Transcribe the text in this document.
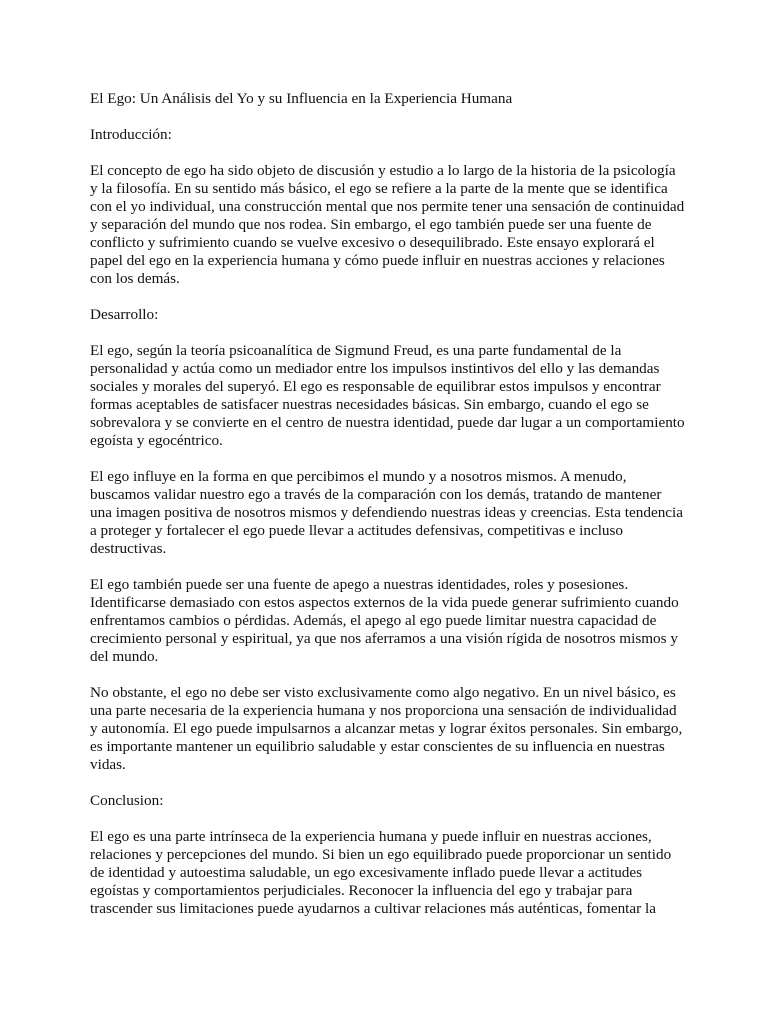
El Ego: Un Análisis del Yo y su Influencia en la Experiencia Humana

Introducción:

El concepto de ego ha sido objeto de discusión y estudio a lo largo de la historia de la psicología y la filosofía. En su sentido más básico, el ego se refiere a la parte de la mente que se identifica con el yo individual, una construcción mental que nos permite tener una sensación de continuidad y separación del mundo que nos rodea. Sin embargo, el ego también puede ser una fuente de conflicto y sufrimiento cuando se vuelve excesivo o desequilibrado. Este ensayo explorará el papel del ego en la experiencia humana y cómo puede influir en nuestras acciones y relaciones con los demás.

Desarrollo:

El ego, según la teoría psicoanalítica de Sigmund Freud, es una parte fundamental de la personalidad y actúa como un mediador entre los impulsos instintivos del ello y las demandas sociales y morales del superyó. El ego es responsable de equilibrar estos impulsos y encontrar formas aceptables de satisfacer nuestras necesidades básicas. Sin embargo, cuando el ego se sobrevalora y se convierte en el centro de nuestra identidad, puede dar lugar a un comportamiento egoísta y egocéntrico.

El ego influye en la forma en que percibimos el mundo y a nosotros mismos. A menudo, buscamos validar nuestro ego a través de la comparación con los demás, tratando de mantener una imagen positiva de nosotros mismos y defendiendo nuestras ideas y creencias. Esta tendencia a proteger y fortalecer el ego puede llevar a actitudes defensivas, competitivas e incluso destructivas.

El ego también puede ser una fuente de apego a nuestras identidades, roles y posesiones. Identificarse demasiado con estos aspectos externos de la vida puede generar sufrimiento cuando enfrentamos cambios o pérdidas. Además, el apego al ego puede limitar nuestra capacidad de crecimiento personal y espiritual, ya que nos aferramos a una visión rígida de nosotros mismos y del mundo.

No obstante, el ego no debe ser visto exclusivamente como algo negativo. En un nivel básico, es una parte necesaria de la experiencia humana y nos proporciona una sensación de individualidad y autonomía. El ego puede impulsarnos a alcanzar metas y lograr éxitos personales. Sin embargo, es importante mantener un equilibrio saludable y estar conscientes de su influencia en nuestras vidas.

Conclusion:

El ego es una parte intrínseca de la experiencia humana y puede influir en nuestras acciones, relaciones y percepciones del mundo. Si bien un ego equilibrado puede proporcionar un sentido de identidad y autoestima saludable, un ego excesivamente inflado puede llevar a actitudes egoístas y comportamientos perjudiciales. Reconocer la influencia del ego y trabajar para trascender sus limitaciones puede ayudarnos a cultivar relaciones más auténticas, fomentar la
